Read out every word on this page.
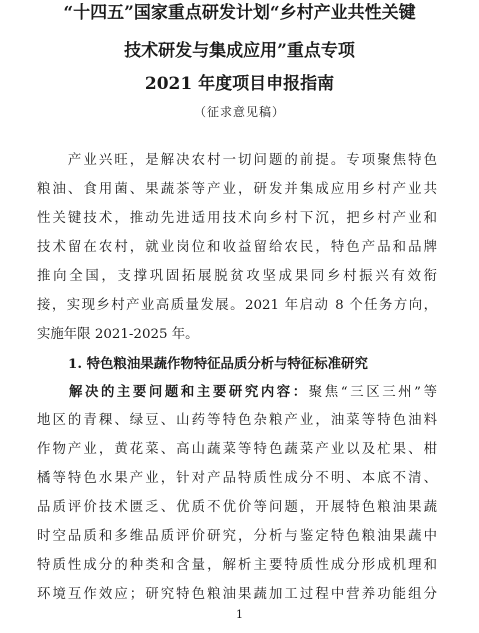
“十四五”国家重点研发计划“乡村产业共性关键
技术研发与集成应用”重点专项
2021 年度项目申报指南
（征求意见稿）
　　产业兴旺，是解决农村一切问题的前提。专项聚焦特色
粮油、食用菌、果蔬茶等产业，研发并集成应用乡村产业共
性关键技术，推动先进适用技术向乡村下沉，把乡村产业和
技术留在农村，就业岗位和收益留给农民，特色产品和品牌
推向全国，支撑巩固拓展脱贫攻坚成果同乡村振兴有效衔
接，实现乡村产业高质量发展。2021 年启动 8 个任务方向，
实施年限 2021-2025 年。
1. 特色粮油果蔬作物特征品质分析与特征标准研究
　　解决的主要问题和主要研究内容：聚焦“三区三州”等
地区的青稞、绿豆、山药等特色杂粮产业，油菜等特色油料
作物产业，黄花菜、高山蔬菜等特色蔬菜产业以及杧果、柑
橘等特色水果产业，针对产品特质性成分不明、本底不清、
品质评价技术匮乏、优质不优价等问题，开展特色粮油果蔬
时空品质和多维品质评价研究，分析与鉴定特色粮油果蔬中
特质性成分的种类和含量，解析主要特质性成分形成机理和
环境互作效应；研究特色粮油果蔬加工过程中营养功能组分
1
